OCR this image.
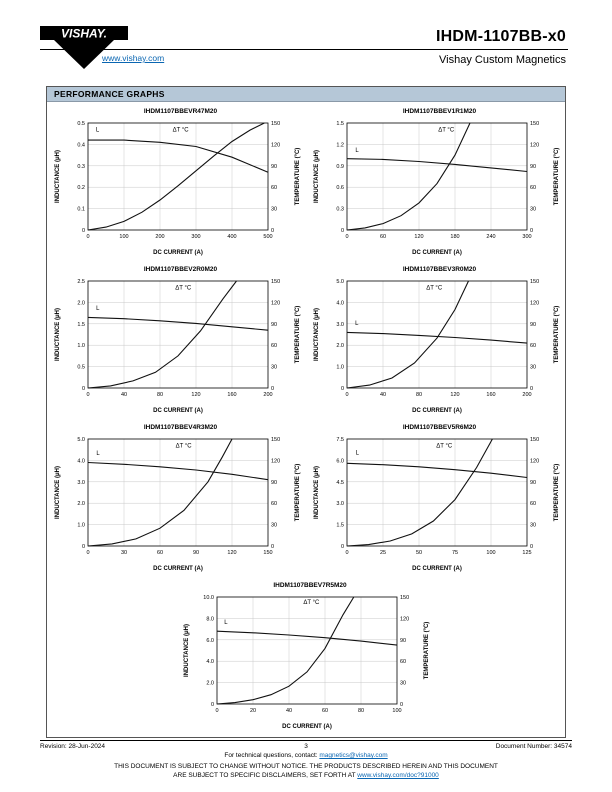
VISHAY.
www.vishay.com
IHDM-1107BB-x0
Vishay Custom Magnetics
PERFORMANCE GRAPHS
IHDM1107BBEVR47M20
0	100	200	300	400	500
0
0.1
0.2
0.3
0.4
0.5
0
30
60
90
120
150
L	ΔT °C
INDUCTANCE (μH)	TEMPERATURE (°C)
DC CURRENT (A)
IHDM1107BBEV1R1M20
0	60	120	180	240	300
0
0.3
0.6
0.9
1.2
1.5
0
30
60
90
120
150
L
ΔT °C
INDUCTANCE (μH)	TEMPERATURE (°C)
DC CURRENT (A)
IHDM1107BBEV2R0M20
0	40	80	120	160	200
0
0.5
1.0
1.5
2.0
2.5
0
30
60
90
120
150
L
ΔT °C
INDUCTANCE (μH)	TEMPERATURE (°C)
DC CURRENT (A)
IHDM1107BBEV3R0M20
0	40	80	120	160	200
0
1.0
2.0
3.0
4.0
5.0
0
30
60
90
120
150
L
ΔT °C
INDUCTANCE (μH)	TEMPERATURE (°C)
DC CURRENT (A)
IHDM1107BBEV4R3M20
0	30	60	90	120	150
0
1.0
2.0
3.0
4.0
5.0
0
30
60
90
120
150
L
ΔT °C
INDUCTANCE (μH)	TEMPERATURE (°C)
DC CURRENT (A)
IHDM1107BBEV5R6M20
0	25	50	75	100	125
0
1.5
3.0
4.5
6.0
7.5
0
30
60
90
120
150
L
ΔT °C
INDUCTANCE (μH)	TEMPERATURE (°C)
DC CURRENT (A)
IHDM1107BBEV7R5M20
0	20	40	60	80	100
0
2.0
4.0
6.0
8.0
10.0
0
30
60
90
120
150
L
ΔT °C
INDUCTANCE (μH)	TEMPERATURE (°C)
DC CURRENT (A)
Revision: 28-Jun-2024	3	Document Number: 34574
For technical questions, contact: magnetics@vishay.com
THIS DOCUMENT IS SUBJECT TO CHANGE WITHOUT NOTICE. THE PRODUCTS DESCRIBED HEREIN AND THIS DOCUMENT
ARE SUBJECT TO SPECIFIC DISCLAIMERS, SET FORTH AT www.vishay.com/doc?91000
